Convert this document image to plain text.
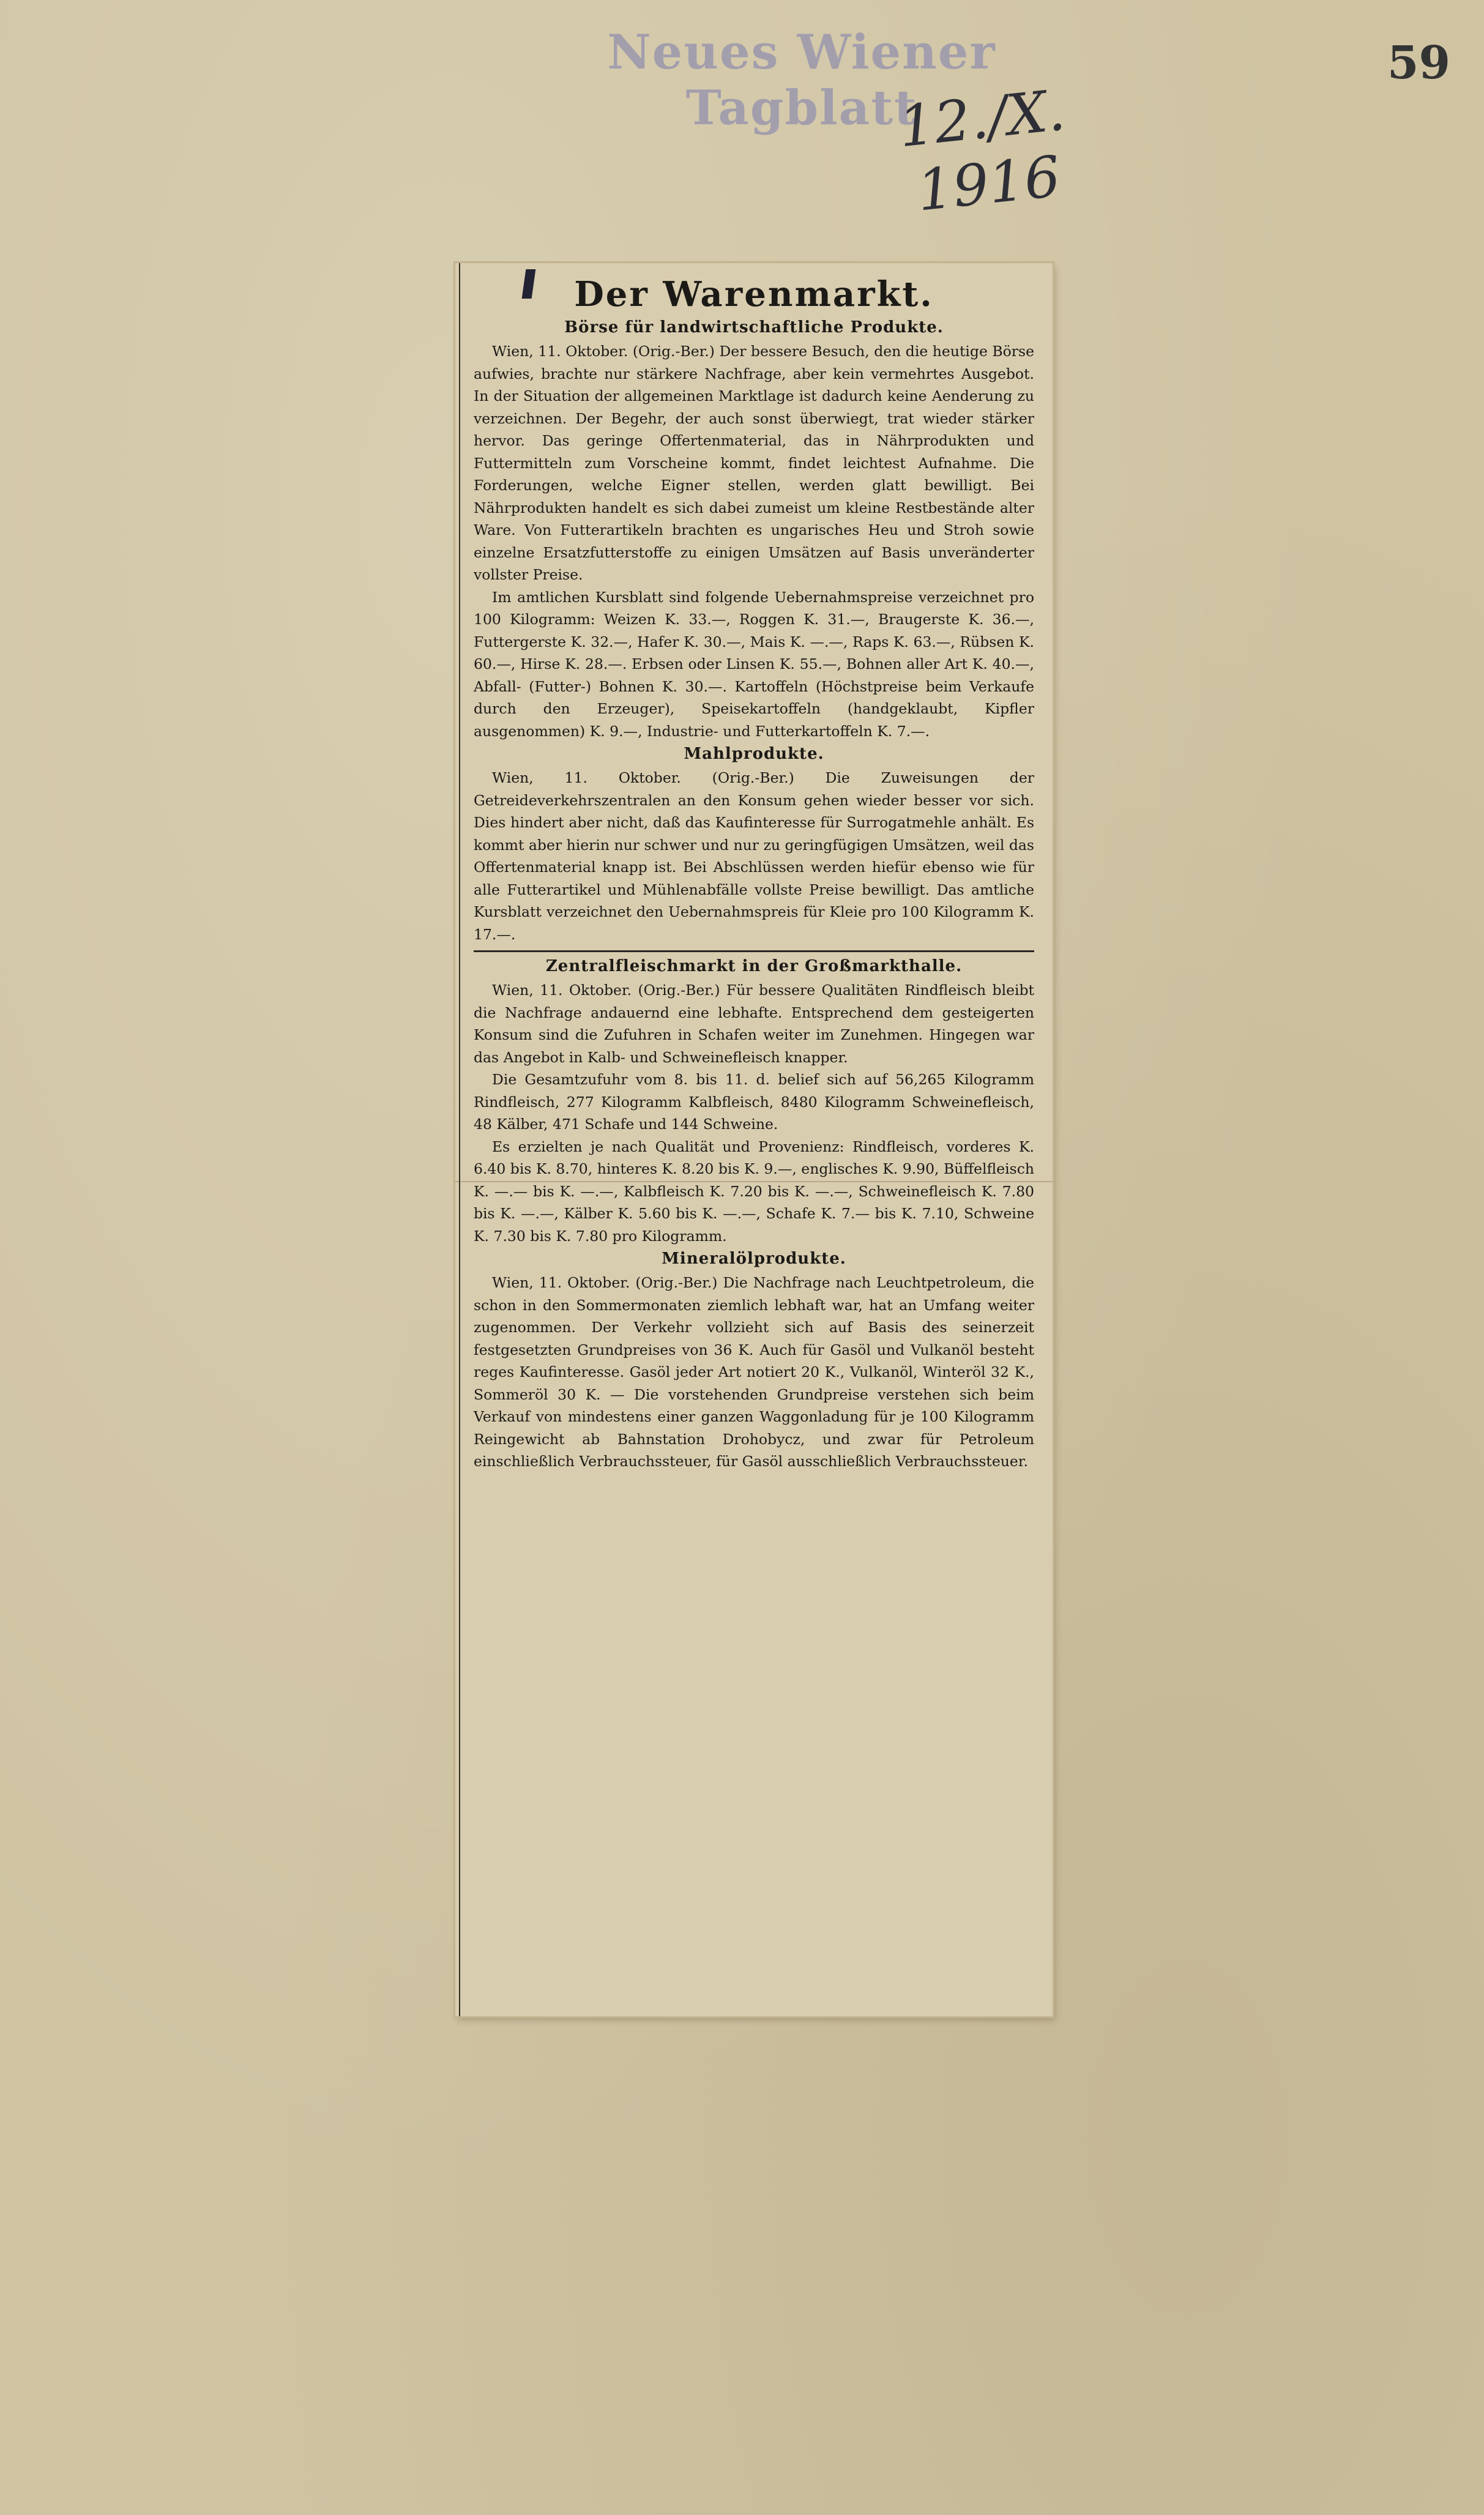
Neues Wiener Tagblatt
12./X. 1916
59
Der Warenmarkt.
Börse für landwirtschaftliche Produkte.

Wien, 11. Oktober. (Orig.-Ber.) Der bessere Besuch, den die heutige Börse aufwies, brachte nur stärkere Nachfrage, aber kein vermehrtes Ausgebot. In der Situation der allgemeinen Marktlage ist dadurch keine Aenderung zu verzeichnen. Der Begehr, der auch sonst überwiegt, trat wieder stärker hervor. Das geringe Offertenmaterial, das in Nährprodukten und Futtermitteln zum Vorscheine kommt, findet leichtest Aufnahme. Die Forderungen, welche Eigner stellen, werden glatt bewilligt. Bei Nährprodukten handelt es sich dabei zumeist um kleine Restbestände alter Ware. Von Futterartikeln brachten es ungarisches Heu und Stroh sowie einzelne Ersatzfutterstoffe zu einigen Umsätzen auf Basis unveränderter vollster Preise.

Im amtlichen Kursblatt sind folgende Uebernahmspreise verzeichnet pro 100 Kilogramm: Weizen K. 33.—, Roggen K. 31.—, Braugerste K. 36.—, Futtergerste K. 32.—, Hafer K. 30.—, Mais K. —.—, Raps K. 63.—, Rübsen K. 60.—, Hirse K. 28.—. Erbsen oder Linsen K. 55.—, Bohnen aller Art K. 40.—, Abfall- (Futter-) Bohnen K. 30.—. Kartoffeln (Höchstpreise beim Verkaufe durch den Erzeuger), Speisekartoffeln (handgeklaubt, Kipfler ausgenommen) K. 9.—, Industrie- und Futterkartoffeln K. 7.—.

Mahlprodukte.

Wien, 11. Oktober. (Orig.-Ber.) Die Zuweisungen der Getreideverkehrszentralen an den Konsum gehen wieder besser vor sich. Dies hindert aber nicht, daß das Kaufinteresse für Surrogatmehle anhält. Es kommt aber hierin nur schwer und nur zu geringfügigen Umsätzen, weil das Offertenmaterial knapp ist. Bei Abschlüssen werden hiefür ebenso wie für alle Futterartikel und Mühlenabfälle vollste Preise bewilligt. Das amtliche Kursblatt verzeichnet den Uebernahmspreis für Kleie pro 100 Kilogramm K. 17.—.

Zentralfleischmarkt in der Großmarkthalle.

Wien, 11. Oktober. (Orig.-Ber.) Für bessere Qualitäten Rindfleisch bleibt die Nachfrage andauernd eine lebhafte. Entsprechend dem gesteigerten Konsum sind die Zufuhren in Schafen weiter im Zunehmen. Hingegen war das Angebot in Kalb- und Schweinefleisch knapper.

Die Gesamtzufuhr vom 8. bis 11. d. belief sich auf 56,265 Kilogramm Rindfleisch, 277 Kilogramm Kalbfleisch, 8480 Kilogramm Schweinefleisch, 48 Kälber, 471 Schafe und 144 Schweine.

Es erzielten je nach Qualität und Provenienz: Rindfleisch, vorderes K. 6.40 bis K. 8.70, hinteres K. 8.20 bis K. 9.—, englisches K. 9.90, Büffelfleisch K. —.— bis K. —.—, Kalbfleisch K. 7.20 bis K. —.—, Schweinefleisch K. 7.80 bis K. —.—, Kälber K. 5.60 bis K. —.—, Schafe K. 7.— bis K. 7.10, Schweine K. 7.30 bis K. 7.80 pro Kilogramm.

Mineralölprodukte.

Wien, 11. Oktober. (Orig.-Ber.) Die Nachfrage nach Leuchtpetroleum, die schon in den Sommermonaten ziemlich lebhaft war, hat an Umfang weiter zugenommen. Der Verkehr vollzieht sich auf Basis des seinerzeit festgesetzten Grundpreises von 36 K. Auch für Gasöl und Vulkanöl besteht reges Kaufinteresse. Gasöl jeder Art notiert 20 K., Vulkanöl, Winteröl 32 K., Sommeröl 30 K. — Die vorstehenden Grundpreise verstehen sich beim Verkauf von mindestens einer ganzen Waggonladung für je 100 Kilogramm Reingewicht ab Bahnstation Drohobycz, und zwar für Petroleum einschließlich Verbrauchssteuer, für Gasöl ausschließlich Verbrauchssteuer.
